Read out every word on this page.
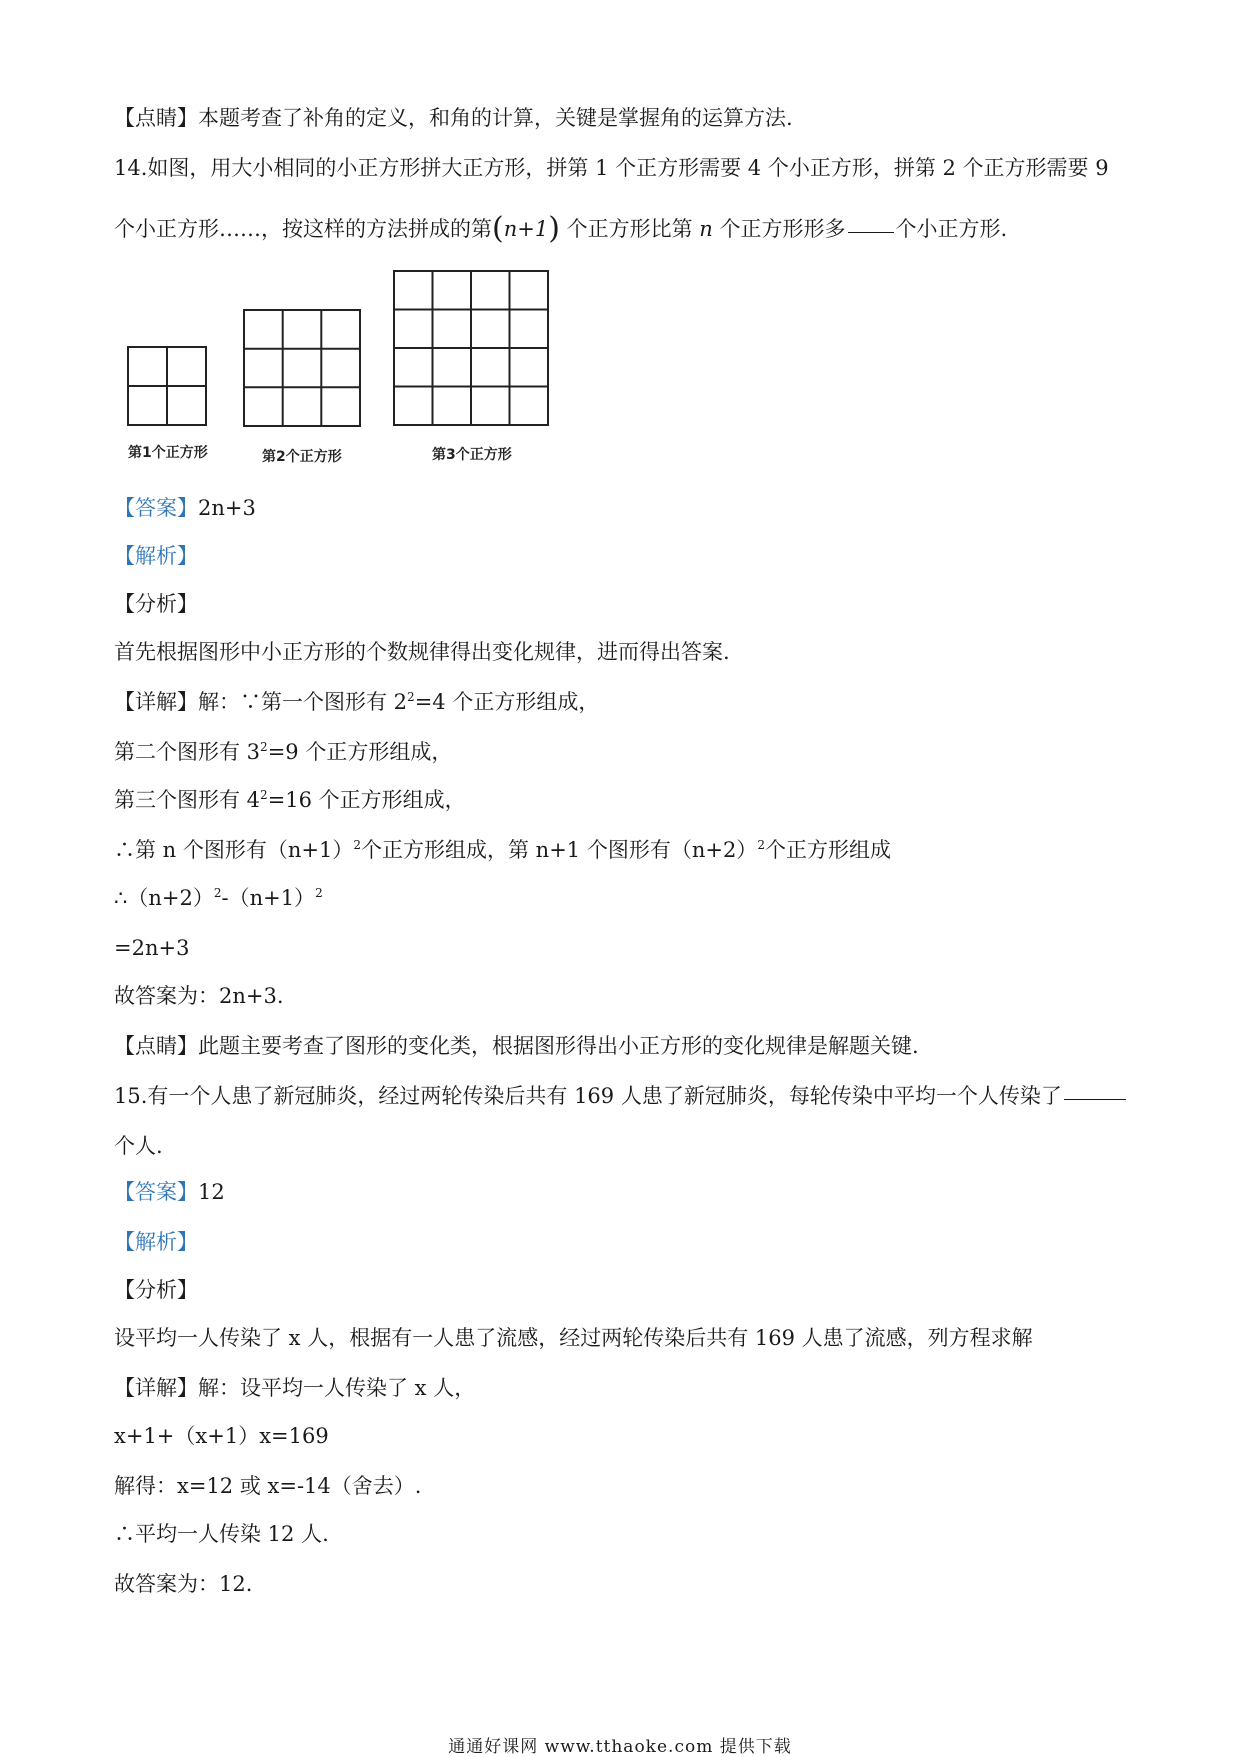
【点睛】本题考查了补角的定义，和角的计算，关键是掌握角的运算方法.
14.如图，用大小相同的小正方形拼大正方形，拼第 1 个正方形需要 4 个小正方形，拼第 2 个正方形需要 9
个小正方形……，按这样的方法拼成的第(n+1) 个正方形比第 n 个正方形形多 个小正方形.
第1个正方形	第2个正方形	第3个正方形
【答案】2n+3
【解析】
【分析】
首先根据图形中小正方形的个数规律得出变化规律，进而得出答案.
【详解】解：∵第一个图形有 $2^2=4$ 个正方形组成，
第二个图形有 $3^2=9$ 个正方形组成，
第三个图形有 $4^2=16$ 个正方形组成，
∴第 n 个图形有$(n+1)^2$个正方形组成，第 n+1 个图形有$(n+2)^2$个正方形组成
$\therefore(n+2)^2-(n+1)^2$
=2n+3
故答案为：2n+3.
【点睛】此题主要考查了图形的变化类，根据图形得出小正方形的变化规律是解题关键.
15.有一个人患了新冠肺炎，经过两轮传染后共有 169 人患了新冠肺炎，每轮传染中平均一个人传染了
个人.
【答案】12
【解析】
【分析】
设平均一人传染了 x 人，根据有一人患了流感，经过两轮传染后共有 169 人患了流感，列方程求解
【详解】解：设平均一人传染了 x 人，
x+1+（x+1）x=169
解得：x=12 或 x=-14（舍去）.
∴平均一人传染 12 人.
故答案为：12.
通通好课网 www.tthaoke.com 提供下载
